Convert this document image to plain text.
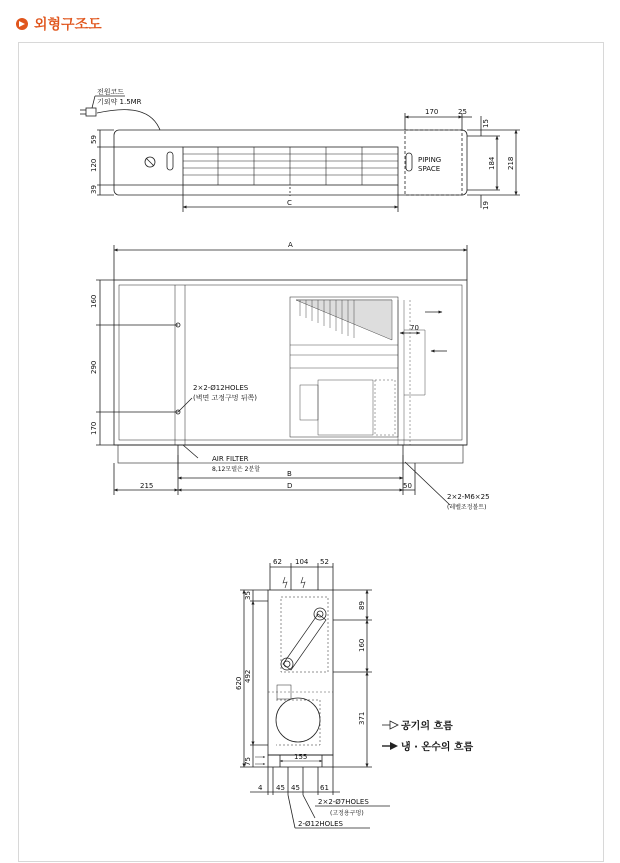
외형구조도
전원코드
기외약 1.5MR
170	25
15
59
120
39
184 218
19
C
PIPING
SPACE
A
160
290
170
70
2×2-Ø12HOLES
(벽면 고정구멍 뒤쪽)
AIR FILTER
8,12모델은 2분할
B
215	D	50
2×2-M6×25
(레벨조정볼트)
62 104 52
35
89
620
492
160
371
75
155
4 45 45	61
2×2-Ø7HOLES
(고정용구멍)
2-Ø12HOLES
공기의 흐름
냉 · 온수의 흐름
